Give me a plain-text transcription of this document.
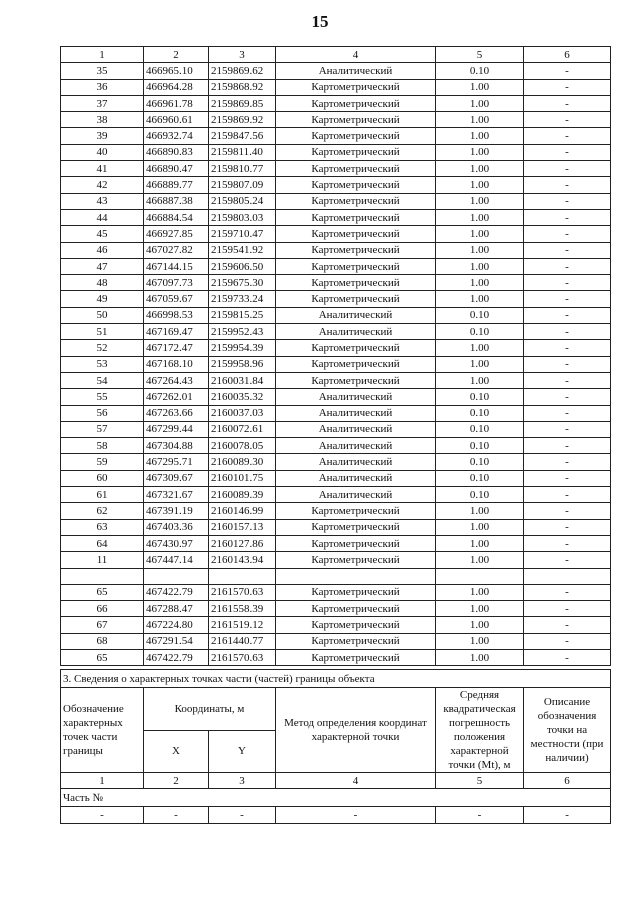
15
1	2	3	4	5	6
35	466965.10	2159869.62	Аналитический	0.10	-
36	466964.28	2159868.92	Картометрический	1.00	-
37	466961.78	2159869.85	Картометрический	1.00	-
38	466960.61	2159869.92	Картометрический	1.00	-
39	466932.74	2159847.56	Картометрический	1.00	-
40	466890.83	2159811.40	Картометрический	1.00	-
41	466890.47	2159810.77	Картометрический	1.00	-
42	466889.77	2159807.09	Картометрический	1.00	-
43	466887.38	2159805.24	Картометрический	1.00	-
44	466884.54	2159803.03	Картометрический	1.00	-
45	466927.85	2159710.47	Картометрический	1.00	-
46	467027.82	2159541.92	Картометрический	1.00	-
47	467144.15	2159606.50	Картометрический	1.00	-
48	467097.73	2159675.30	Картометрический	1.00	-
49	467059.67	2159733.24	Картометрический	1.00	-
50	466998.53	2159815.25	Аналитический	0.10	-
51	467169.47	2159952.43	Аналитический	0.10	-
52	467172.47	2159954.39	Картометрический	1.00	-
53	467168.10	2159958.96	Картометрический	1.00	-
54	467264.43	2160031.84	Картометрический	1.00	-
55	467262.01	2160035.32	Аналитический	0.10	-
56	467263.66	2160037.03	Аналитический	0.10	-
57	467299.44	2160072.61	Аналитический	0.10	-
58	467304.88	2160078.05	Аналитический	0.10	-
59	467295.71	2160089.30	Аналитический	0.10	-
60	467309.67	2160101.75	Аналитический	0.10	-
61	467321.67	2160089.39	Аналитический	0.10	-
62	467391.19	2160146.99	Картометрический	1.00	-
63	467403.36	2160157.13	Картометрический	1.00	-
64	467430.97	2160127.86	Картометрический	1.00	-
11	467447.14	2160143.94	Картометрический	1.00	-

65	467422.79	2161570.63	Картометрический	1.00	-
66	467288.47	2161558.39	Картометрический	1.00	-
67	467224.80	2161519.12	Картометрический	1.00	-
68	467291.54	2161440.77	Картометрический	1.00	-
65	467422.79	2161570.63	Картометрический	1.00	-
3. Сведения о характерных точках части (частей) границы объекта					
Обозначение характерных точек части границы	Координаты, м		Метод определения координат характерной точки	Средняя квадратическая погрешность положения характерной точки (Mt), м	Описание обозначения точки на местности (при наличии)
	X	Y			
1	2	3	4	5	6
Часть №					
-	-	-	-	-	-
